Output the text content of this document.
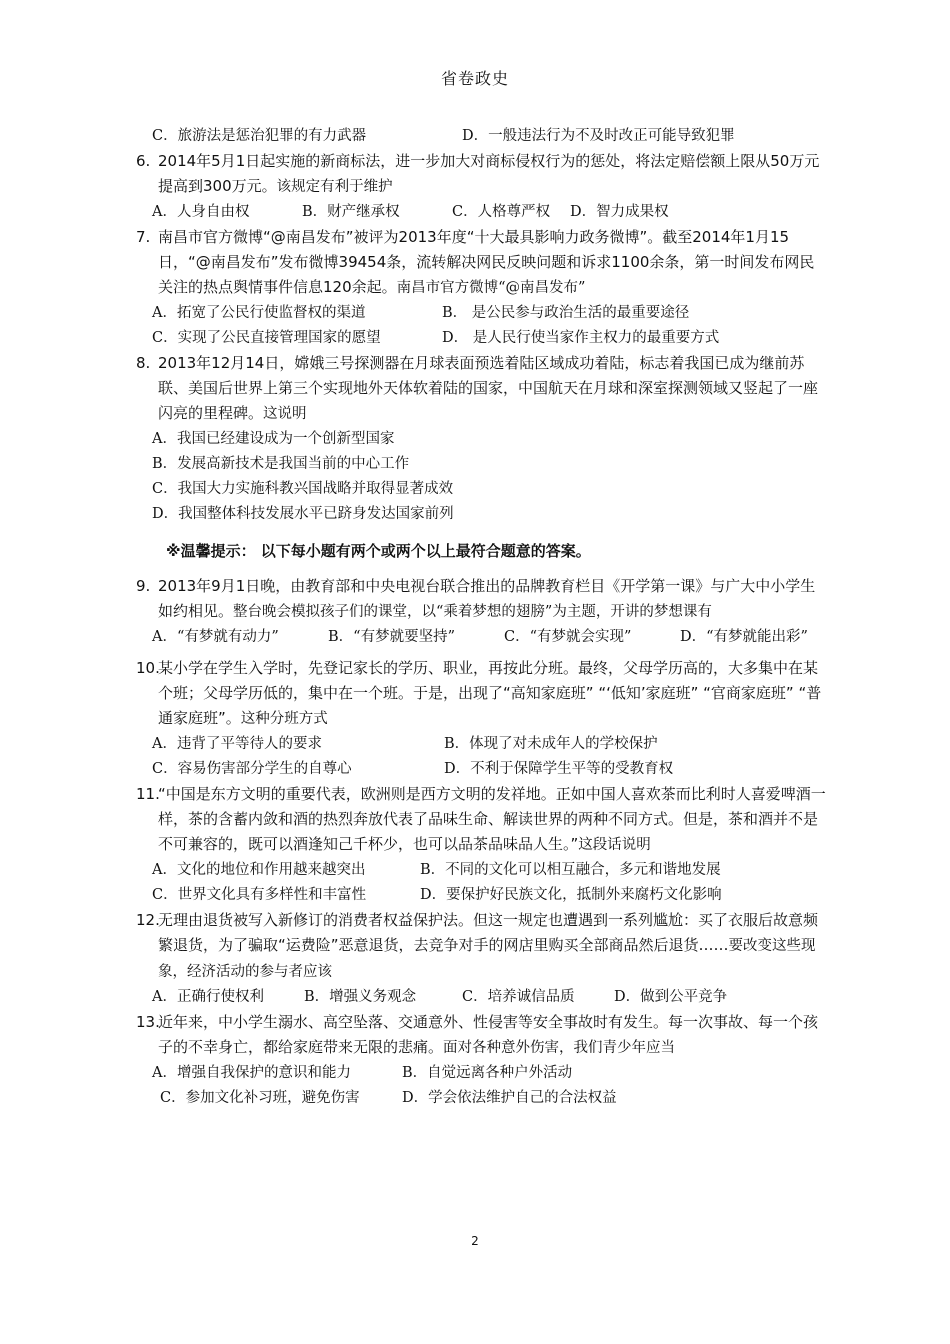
省卷政史
C．旅游法是惩治犯罪的有力武器	D．一般违法行为不及时改正可能导致犯罪
6. 2014年5月1日起实施的新商标法，进一步加大对商标侵权行为的惩处，将法定赔偿额上限从50万元提高到300万元。该规定有利于维护
A．人身自由权	B．财产继承权	C．人格尊严权 D．智力成果权
7. 南昌市官方微博“@南昌发布”被评为2013年度“十大最具影响力政务微博”。截至2014年1月15日，“@南昌发布”发布微博39454条，流转解决网民反映问题和诉求1100余条，第一时间发布网民关注的热点舆情事件信息120余起。南昌市官方微博“@南昌发布”
A．拓宽了公民行使监督权的渠道	B． 是公民参与政治生活的最重要途径
C．实现了公民直接管理国家的愿望	D． 是人民行使当家作主权力的最重要方式
8. 2013年12月14日，嫦娥三号探测器在月球表面预选着陆区域成功着陆，标志着我国已成为继前苏联、美国后世界上第三个实现地外天体软着陆的国家，中国航天在月球和深室探测领域又竖起了一座闪亮的里程碑。这说明
A．我国已经建设成为一个创新型国家
B．发展高新技术是我国当前的中心工作
C．我国大力实施科教兴国战略并取得显著成效
D．我国整体科技发展水平已跻身发达国家前列
※温馨提示： 以下每小题有两个或两个以上最符合题意的答案。
9. 2013年9月1日晚，由教育部和中央电视台联合推出的品牌教育栏目《开学第一课》与广大中小学生如约相见。整台晚会模拟孩子们的课堂，以“乘着梦想的翅膀”为主题，开讲的梦想课有
A．“有梦就有动力”	B．“有梦就要坚持”	C．“有梦就会实现”	D．“有梦就能出彩”
10.某小学在学生入学时，先登记家长的学历、职业，再按此分班。最终，父母学历高的，大多集中在某个班；父母学历低的，集中在一个班。于是，出现了“高知家庭班” “‘低知’家庭班” “官商家庭班” “普通家庭班”。这种分班方式
A．违背了平等待人的要求	B．体现了对未成年人的学校保护
C．容易伤害部分学生的自尊心	D．不利于保障学生平等的受教育权
11.“中国是东方文明的重要代表，欧洲则是西方文明的发祥地。正如中国人喜欢茶而比利时人喜爱啤酒一样，茶的含蓄内敛和酒的热烈奔放代表了品味生命、解读世界的两种不同方式。但是，茶和酒并不是不可兼容的，既可以酒逢知己千杯少，也可以品茶品味品人生。”这段话说明
A．文化的地位和作用越来越突出	B．不同的文化可以相互融合，多元和谐地发展
C．世界文化具有多样性和丰富性	D．要保护好民族文化，抵制外来腐朽文化影响
12.无理由退货被写入新修订的消费者权益保护法。但这一规定也遭遇到一系列尴尬：买了衣服后故意频繁退货，为了骗取“运费险”恶意退货，去竞争对手的网店里购买全部商品然后退货……要改变这些现象，经济活动的参与者应该
A．正确行使权利	B．增强义务观念	C．培养诚信品质	D．做到公平竞争
13.近年来，中小学生溺水、高空坠落、交通意外、性侵害等安全事故时有发生。每一次事故、每一个孩子的不幸身亡，都给家庭带来无限的悲痛。面对各种意外伤害，我们青少年应当
A．增强自我保护的意识和能力	B．自觉远离各种户外活动
C．参加文化补习班，避免伤害	D．学会依法维护自己的合法权益
2
